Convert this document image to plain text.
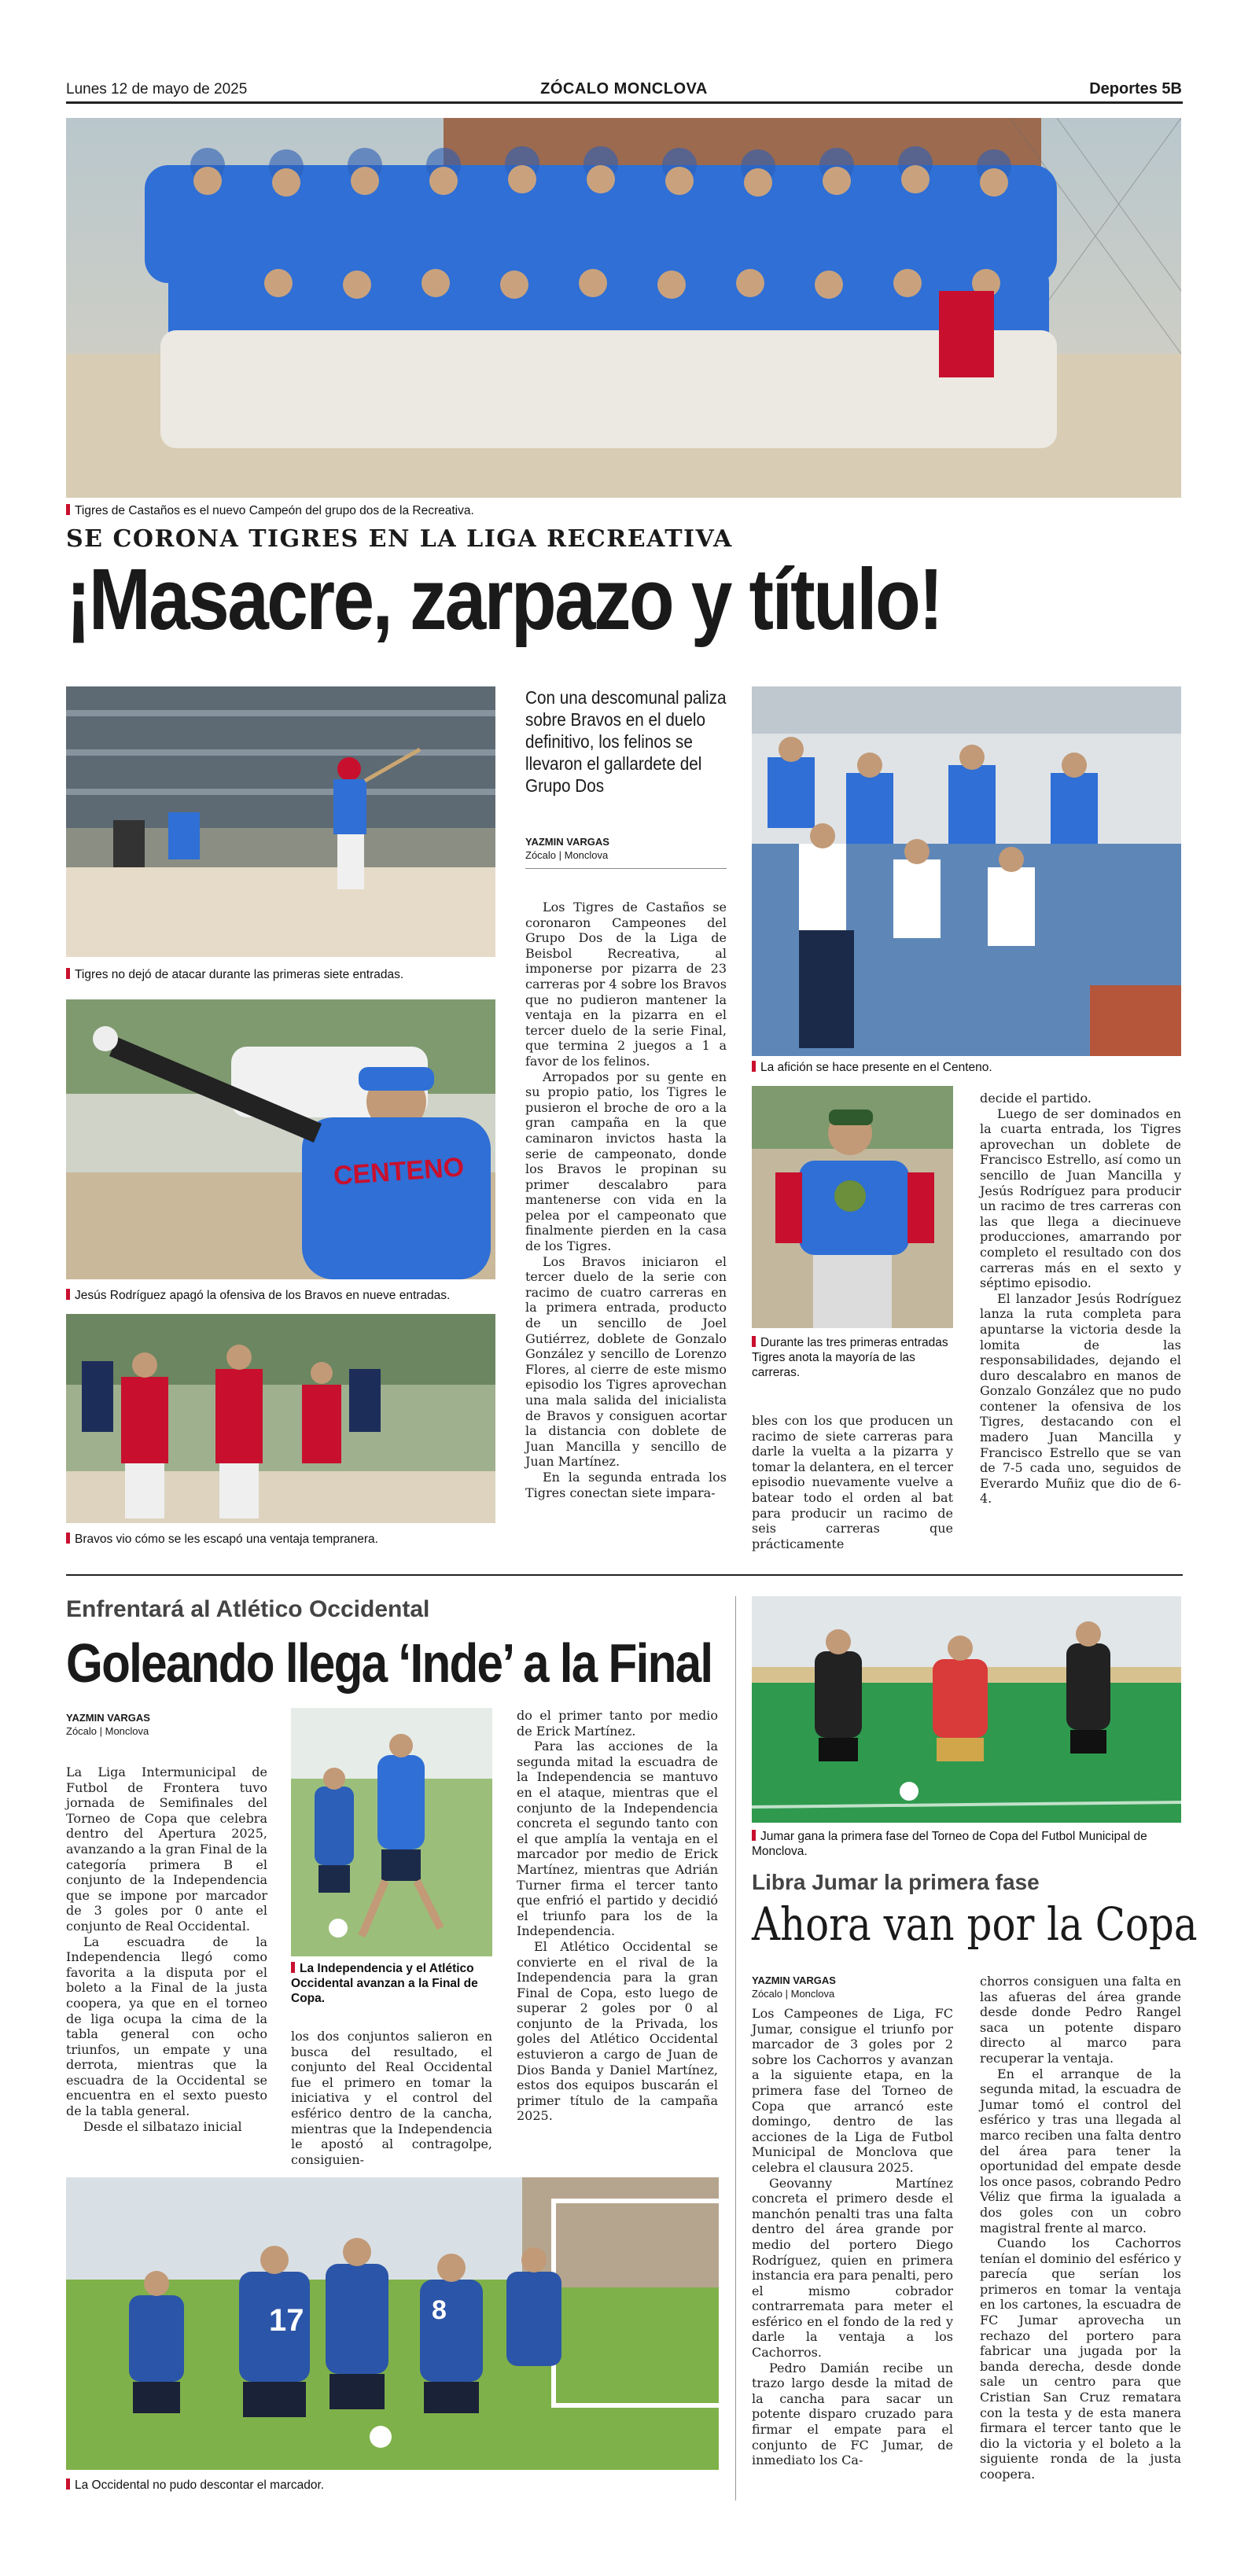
Lunes 12 de mayo de 2025	ZÓCALO MONCLOVA	Deportes 5B
Tigres de Castaños es el nuevo Campeón del grupo dos de la Recreativa.
SE CORONA TIGRES EN LA LIGA RECREATIVA
¡Masacre, zarpazo y título!
Tigres no dejó de atacar durante las primeras siete entradas.
CENTENO
Jesús Rodríguez apagó la ofensiva de los Bravos en nueve entradas.
Bravos vio cómo se les escapó una ventaja tempranera.
Con una descomunal paliza sobre Bravos en el duelo definitivo, los felinos se llevaron el gallardete del Grupo Dos
YAZMIN VARGAS
Zócalo | Monclova

Los Tigres de Castaños se coronaron Campeones del Grupo Dos de la Liga de Beisbol Recreativa, al imponerse por pizarra de 23 carreras por 4 sobre los Bravos que no pudieron mantener la ventaja en la pizarra en el tercer duelo de la serie Final, que termina 2 juegos a 1 a favor de los felinos.

Arropados por su gente en su propio patio, los Tigres le pusieron el broche de oro a la gran campaña en la que caminaron invictos hasta la serie de campeonato, donde los Bravos le propinan su primer descalabro para mantenerse con vida en la pelea por el campeonato que finalmente pierden en la casa de los Tigres.

Los Bravos iniciaron el tercer duelo de la serie con racimo de cuatro carreras en la primera entrada, producto de un sencillo de Joel Gutiérrez, doblete de Gonzalo González y sencillo de Lorenzo Flores, al cierre de este mismo episodio los Tigres aprovechan una mala salida del inicialista de Bravos y consiguen acortar la distancia con doblete de Juan Mancilla y sencillo de Juan Martínez.

En la segunda entrada los Tigres conectan siete impara-

La afición se hace presente en el Centeno.
Durante las tres primeras entradas Tigres anota la mayoría de las carreras.

bles con los que producen un racimo de siete carreras para darle la vuelta a la pizarra y tomar la delantera, en el tercer episodio nuevamente vuelve a batear todo el orden al bat para producir un racimo de seis carreras que prácticamente

decide el partido.

Luego de ser dominados en la cuarta entrada, los Tigres aprovechan un doblete de Francisco Estrello, así como un sencillo de Juan Mancilla y Jesús Rodríguez para producir un racimo de tres carreras con las que llega a diecinueve producciones, amarrando por completo el resultado con dos carreras más en el sexto y séptimo episodio.

El lanzador Jesús Rodríguez lanza la ruta completa para apuntarse la victoria desde la lomita de las responsabilidades, dejando el duro descalabro en manos de Gonzalo González que no pudo contener la ofensiva de los Tigres, destacando con el madero Juan Mancilla y Francisco Estrello que se van de 7-5 cada uno, seguidos de Everardo Muñiz que dio de 6-4.

Enfrentará al Atlético Occidental
Goleando llega ‘Inde’ a la Final
YAZMIN VARGAS
Zócalo | Monclova

La Liga Intermunicipal de Futbol de Frontera tuvo jornada de Semifinales del Torneo de Copa que celebra dentro del Apertura 2025, avanzando a la gran Final de la categoría primera B el conjunto de la Independencia que se impone por marcador de 3 goles por 0 ante el conjunto de Real Occidental.

La escuadra de la Independencia llegó como favorita a la disputa por el boleto a la Final de la justa coopera, ya que en el torneo de liga ocupa la cima de la tabla general con ocho triunfos, un empate y una derrota, mientras que la escuadra de la Occidental se encuentra en el sexto puesto de la tabla general.

Desde el silbatazo inicial

La Independencia y el Atlético Occidental avanzan a la Final de Copa.

los dos conjuntos salieron en busca del resultado, el conjunto del Real Occidental fue el primero en tomar la iniciativa y el control del esférico dentro de la cancha, mientras que la Independencia le apostó al contragolpe, consiguien-

do el primer tanto por medio de Erick Martínez.

Para las acciones de la segunda mitad la escuadra de la Independencia se mantuvo en el ataque, mientras que el conjunto de la Independencia concreta el segundo tanto con el que amplía la ventaja en el marcador por medio de Erick Martínez, mientras que Adrián Turner firma el tercer tanto que enfrió el partido y decidió el triunfo para los de la Independencia.

El Atlético Occidental se convierte en el rival de la Independencia para la gran Final de Copa, esto luego de superar 2 goles por 0 al conjunto de la Privada, los goles del Atlético Occidental estuvieron a cargo de Juan de Dios Banda y Daniel Martínez, estos dos equipos buscarán el primer título de la campaña 2025.

17	8
La Occidental no pudo descontar el marcador.
Jumar gana la primera fase del Torneo de Copa del Futbol Municipal de Monclova.
Libra Jumar la primera fase
Ahora van por la Copa
YAZMIN VARGAS
Zócalo | Monclova

Los Campeones de Liga, FC Jumar, consigue el triunfo por marcador de 3 goles por 2 sobre los Cachorros y avanzan a la siguiente etapa, en la primera fase del Torneo de Copa que arrancó este domingo, dentro de las acciones de la Liga de Futbol Municipal de Monclova que celebra el clausura 2025.

Geovanny Martínez concreta el primero desde el manchón penalti tras una falta dentro del área grande por medio del portero Diego Rodríguez, quien en primera instancia era para penalti, pero el mismo cobrador contrarremata para meter el esférico en el fondo de la red y darle la ventaja a los Cachorros.

Pedro Damián recibe un trazo largo desde la mitad de la cancha para sacar un potente disparo cruzado para firmar el empate para el conjunto de FC Jumar, de inmediato los Ca-

chorros consiguen una falta en las afueras del área grande desde donde Pedro Rangel saca un potente disparo directo al marco para recuperar la ventaja.

En el arranque de la segunda mitad, la escuadra de Jumar tomó el control del esférico y tras una llegada al marco reciben una falta dentro del área para tener la oportunidad del empate desde los once pasos, cobrando Pedro Véliz que firma la igualada a dos goles con un cobro magistral frente al marco.

Cuando los Cachorros tenían el dominio del esférico y parecía que serían los primeros en tomar la ventaja en los cartones, la escuadra de FC Jumar aprovecha un rechazo del portero para fabricar una jugada por la banda derecha, desde donde sale un centro para que Cristian San Cruz rematara con la testa y de esta manera firmara el tercer tanto que le dio la victoria y el boleto a la siguiente ronda de la justa coopera.
